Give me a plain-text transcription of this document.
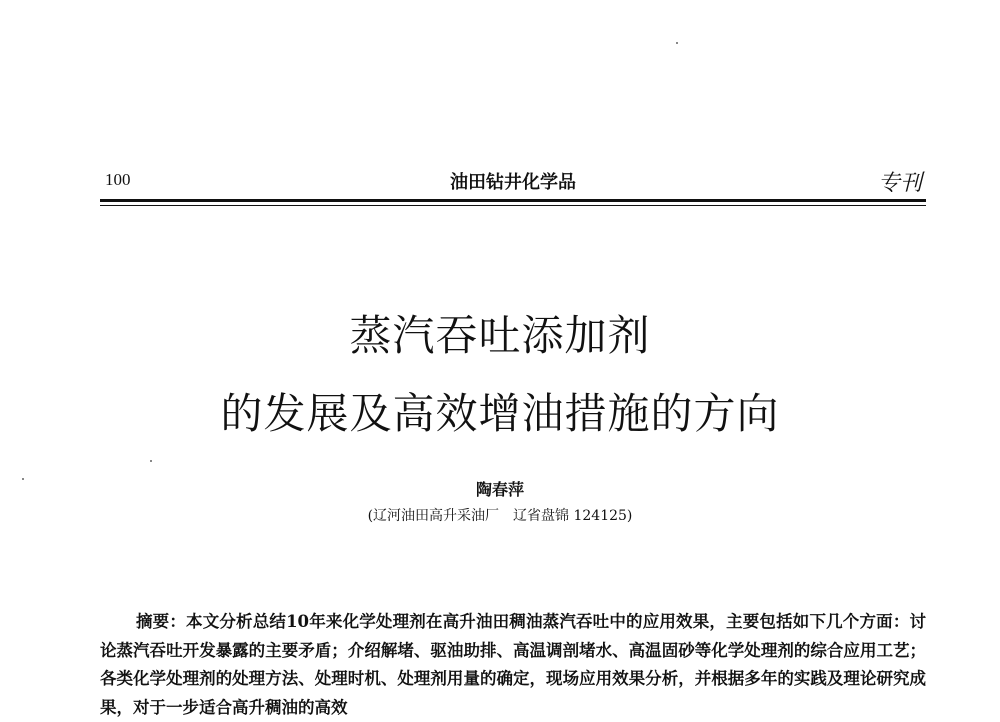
100	油田钻井化学品	专刊
蒸汽吞吐添加剂
的发展及高效增油措施的方向
陶春萍
(辽河油田高升采油厂　辽省盘锦 124125)
摘要：本文分析总结10年来化学处理剂在高升油田稠油蒸汽吞吐中的应用效果，主要包括如下几个方面：讨论蒸汽吞吐开发暴露的主要矛盾；介绍解堵、驱油助排、高温调剖堵水、高温固砂等化学处理剂的综合应用工艺；各类化学处理剂的处理方法、处理时机、处理剂用量的确定，现场应用效果分析，并根据多年的实践及理论研究成果，对于一步适合高升稠油的高效
